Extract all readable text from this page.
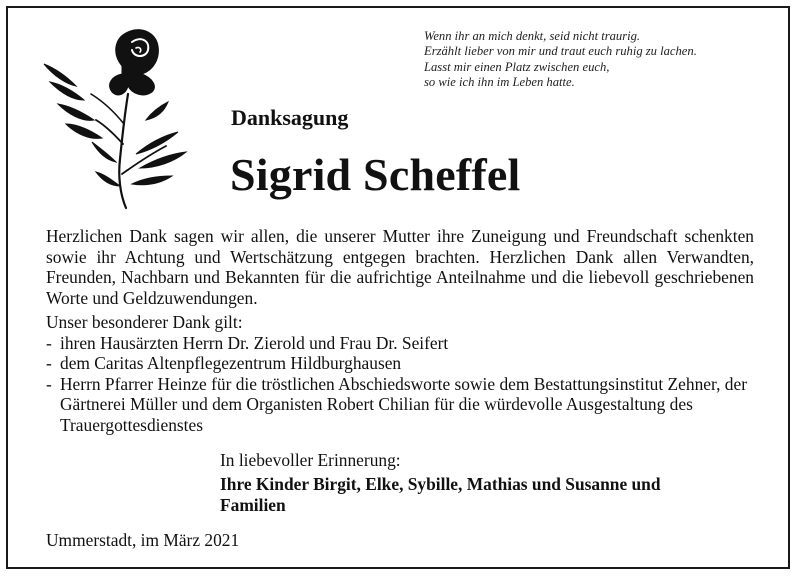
Wenn ihr an mich denkt, seid nicht traurig.
Erzählt lieber von mir und traut euch ruhig zu lachen.
Lasst mir einen Platz zwischen euch,
so wie ich ihn im Leben hatte.
Danksagung
Sigrid Scheffel
Herzlichen Dank sagen wir allen, die unserer Mutter ihre Zuneigung und Freundschaft schenkten sowie ihr Achtung und Wertschätzung entgegen brachten. Herzlichen Dank allen Verwandten, Freunden, Nachbarn und Bekannten für die aufrichtige Anteilnahme und die liebevoll geschriebenen Worte und Geldzuwendungen.
Unser besonderer Dank gilt:
- ihren Hausärzten Herrn Dr. Zierold und Frau Dr. Seifert
- dem Caritas Altenpflegezentrum Hildburghausen
- Herrn Pfarrer Heinze für die tröstlichen Abschiedsworte sowie dem Bestattungsinstitut Zehner, der Gärtnerei Müller und dem Organisten Robert Chilian für die würdevolle Ausgestaltung des Trauergottesdienstes
In liebevoller Erinnerung:
Ihre Kinder Birgit, Elke, Sybille, Mathias und Susanne und Familien
Ummerstadt, im März 2021
